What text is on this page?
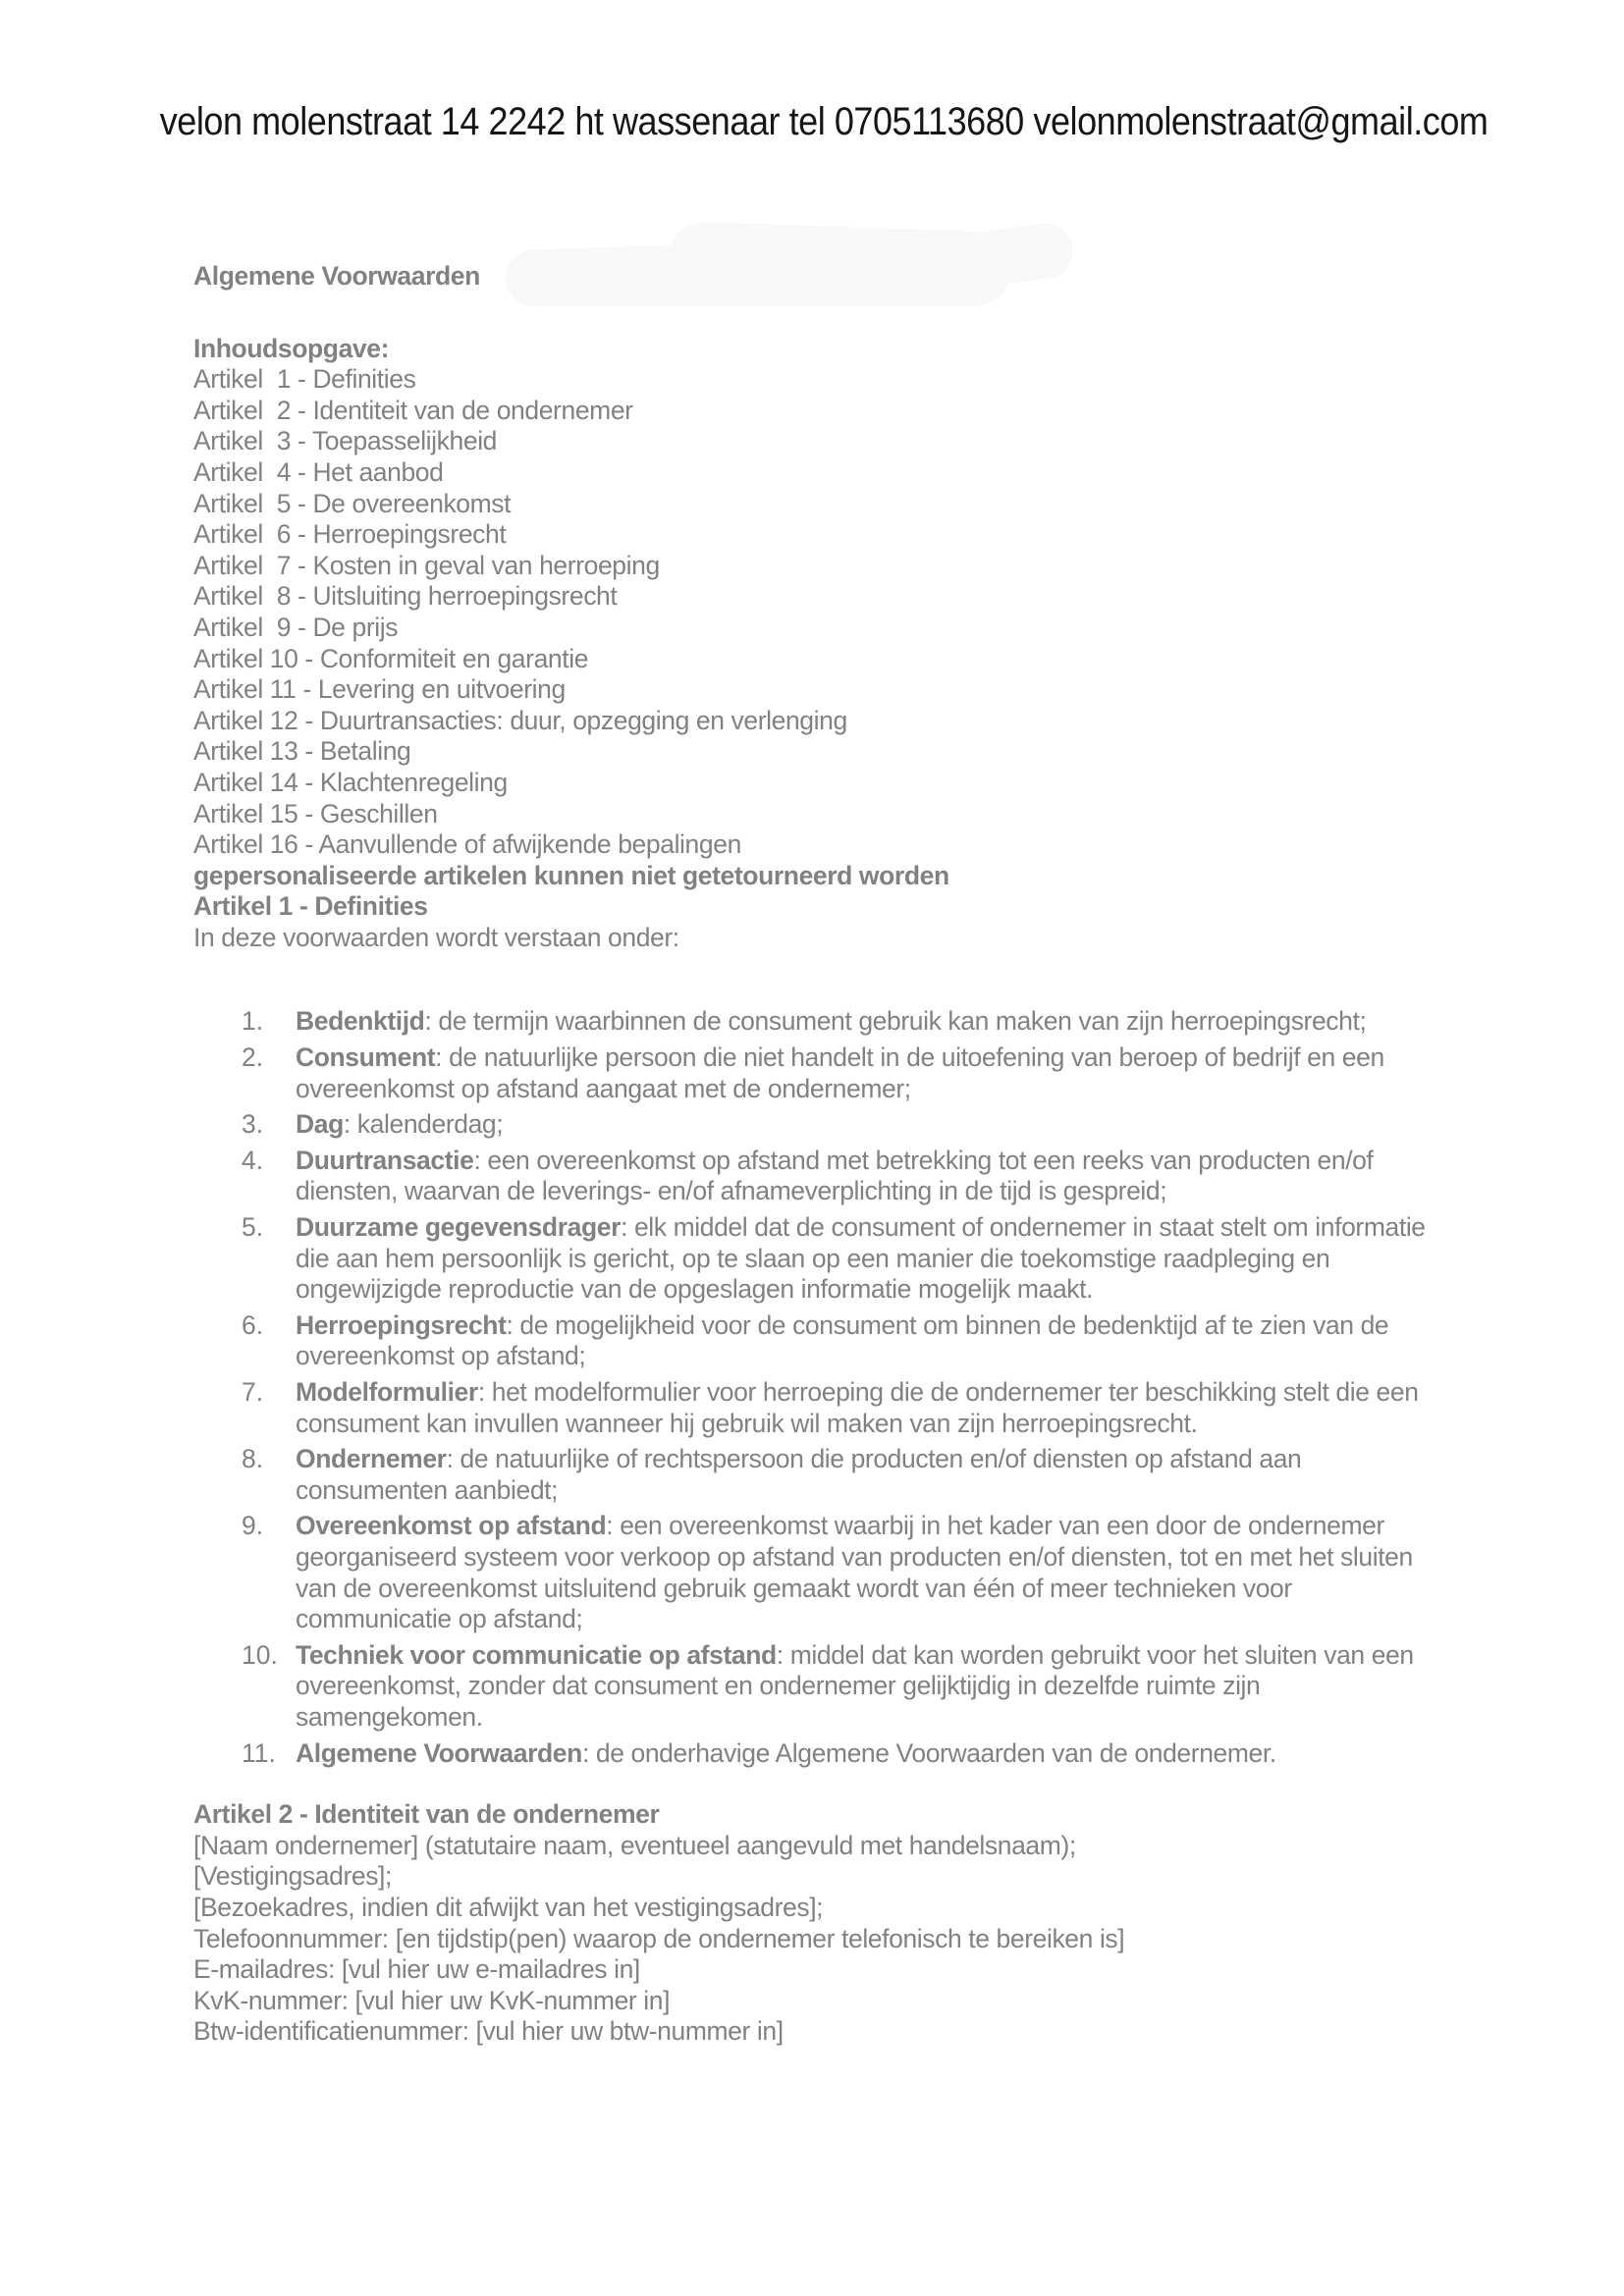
velon molenstraat 14 2242 ht wassenaar tel 0705113680 velonmolenstraat@gmail.com
Algemene Voorwaarden
Inhoudsopgave:
Artikel  1 - Definities
Artikel  2 - Identiteit van de ondernemer
Artikel  3 - Toepasselijkheid
Artikel  4 - Het aanbod
Artikel  5 - De overeenkomst
Artikel  6 - Herroepingsrecht
Artikel  7 - Kosten in geval van herroeping
Artikel  8 - Uitsluiting herroepingsrecht
Artikel  9 - De prijs
Artikel 10 - Conformiteit en garantie
Artikel 11 - Levering en uitvoering
Artikel 12 - Duurtransacties: duur, opzegging en verlenging
Artikel 13 - Betaling
Artikel 14 - Klachtenregeling
Artikel 15 - Geschillen
Artikel 16 - Aanvullende of afwijkende bepalingen
gepersonaliseerde artikelen kunnen niet getetourneerd worden
Artikel 1 - Definities
In deze voorwaarden wordt verstaan onder:
Bedenktijd: de termijn waarbinnen de consument gebruik kan maken van zijn herroepingsrecht;
Consument: de natuurlijke persoon die niet handelt in de uitoefening van beroep of bedrijf en een overeenkomst op afstand aangaat met de ondernemer;
Dag: kalenderdag;
Duurtransactie: een overeenkomst op afstand met betrekking tot een reeks van producten en/of diensten, waarvan de leverings- en/of afnameverplichting in de tijd is gespreid;
Duurzame gegevensdrager: elk middel dat de consument of ondernemer in staat stelt om informatie die aan hem persoonlijk is gericht, op te slaan op een manier die toekomstige raadpleging en ongewijzigde reproductie van de opgeslagen informatie mogelijk maakt.
Herroepingsrecht: de mogelijkheid voor de consument om binnen de bedenktijd af te zien van de overeenkomst op afstand;
Modelformulier: het modelformulier voor herroeping die de ondernemer ter beschikking stelt die een consument kan invullen wanneer hij gebruik wil maken van zijn herroepingsrecht.
Ondernemer: de natuurlijke of rechtspersoon die producten en/of diensten op afstand aan consumenten aanbiedt;
Overeenkomst op afstand: een overeenkomst waarbij in het kader van een door de ondernemer georganiseerd systeem voor verkoop op afstand van producten en/of diensten, tot en met het sluiten van de overeenkomst uitsluitend gebruik gemaakt wordt van één of meer technieken voor communicatie op afstand;
Techniek voor communicatie op afstand: middel dat kan worden gebruikt voor het sluiten van een overeenkomst, zonder dat consument en ondernemer gelijktijdig in dezelfde ruimte zijn samengekomen.
Algemene Voorwaarden: de onderhavige Algemene Voorwaarden van de ondernemer.
Artikel 2 - Identiteit van de ondernemer

[Naam ondernemer] (statutaire naam, eventueel aangevuld met handelsnaam);

[Vestigingsadres];

[Bezoekadres, indien dit afwijkt van het vestigingsadres];

Telefoonnummer: [en tijdstip(pen) waarop de ondernemer telefonisch te bereiken is]

E-mailadres: [vul hier uw e-mailadres in]

KvK-nummer: [vul hier uw KvK-nummer in]

Btw-identificatienummer: [vul hier uw btw-nummer in]
